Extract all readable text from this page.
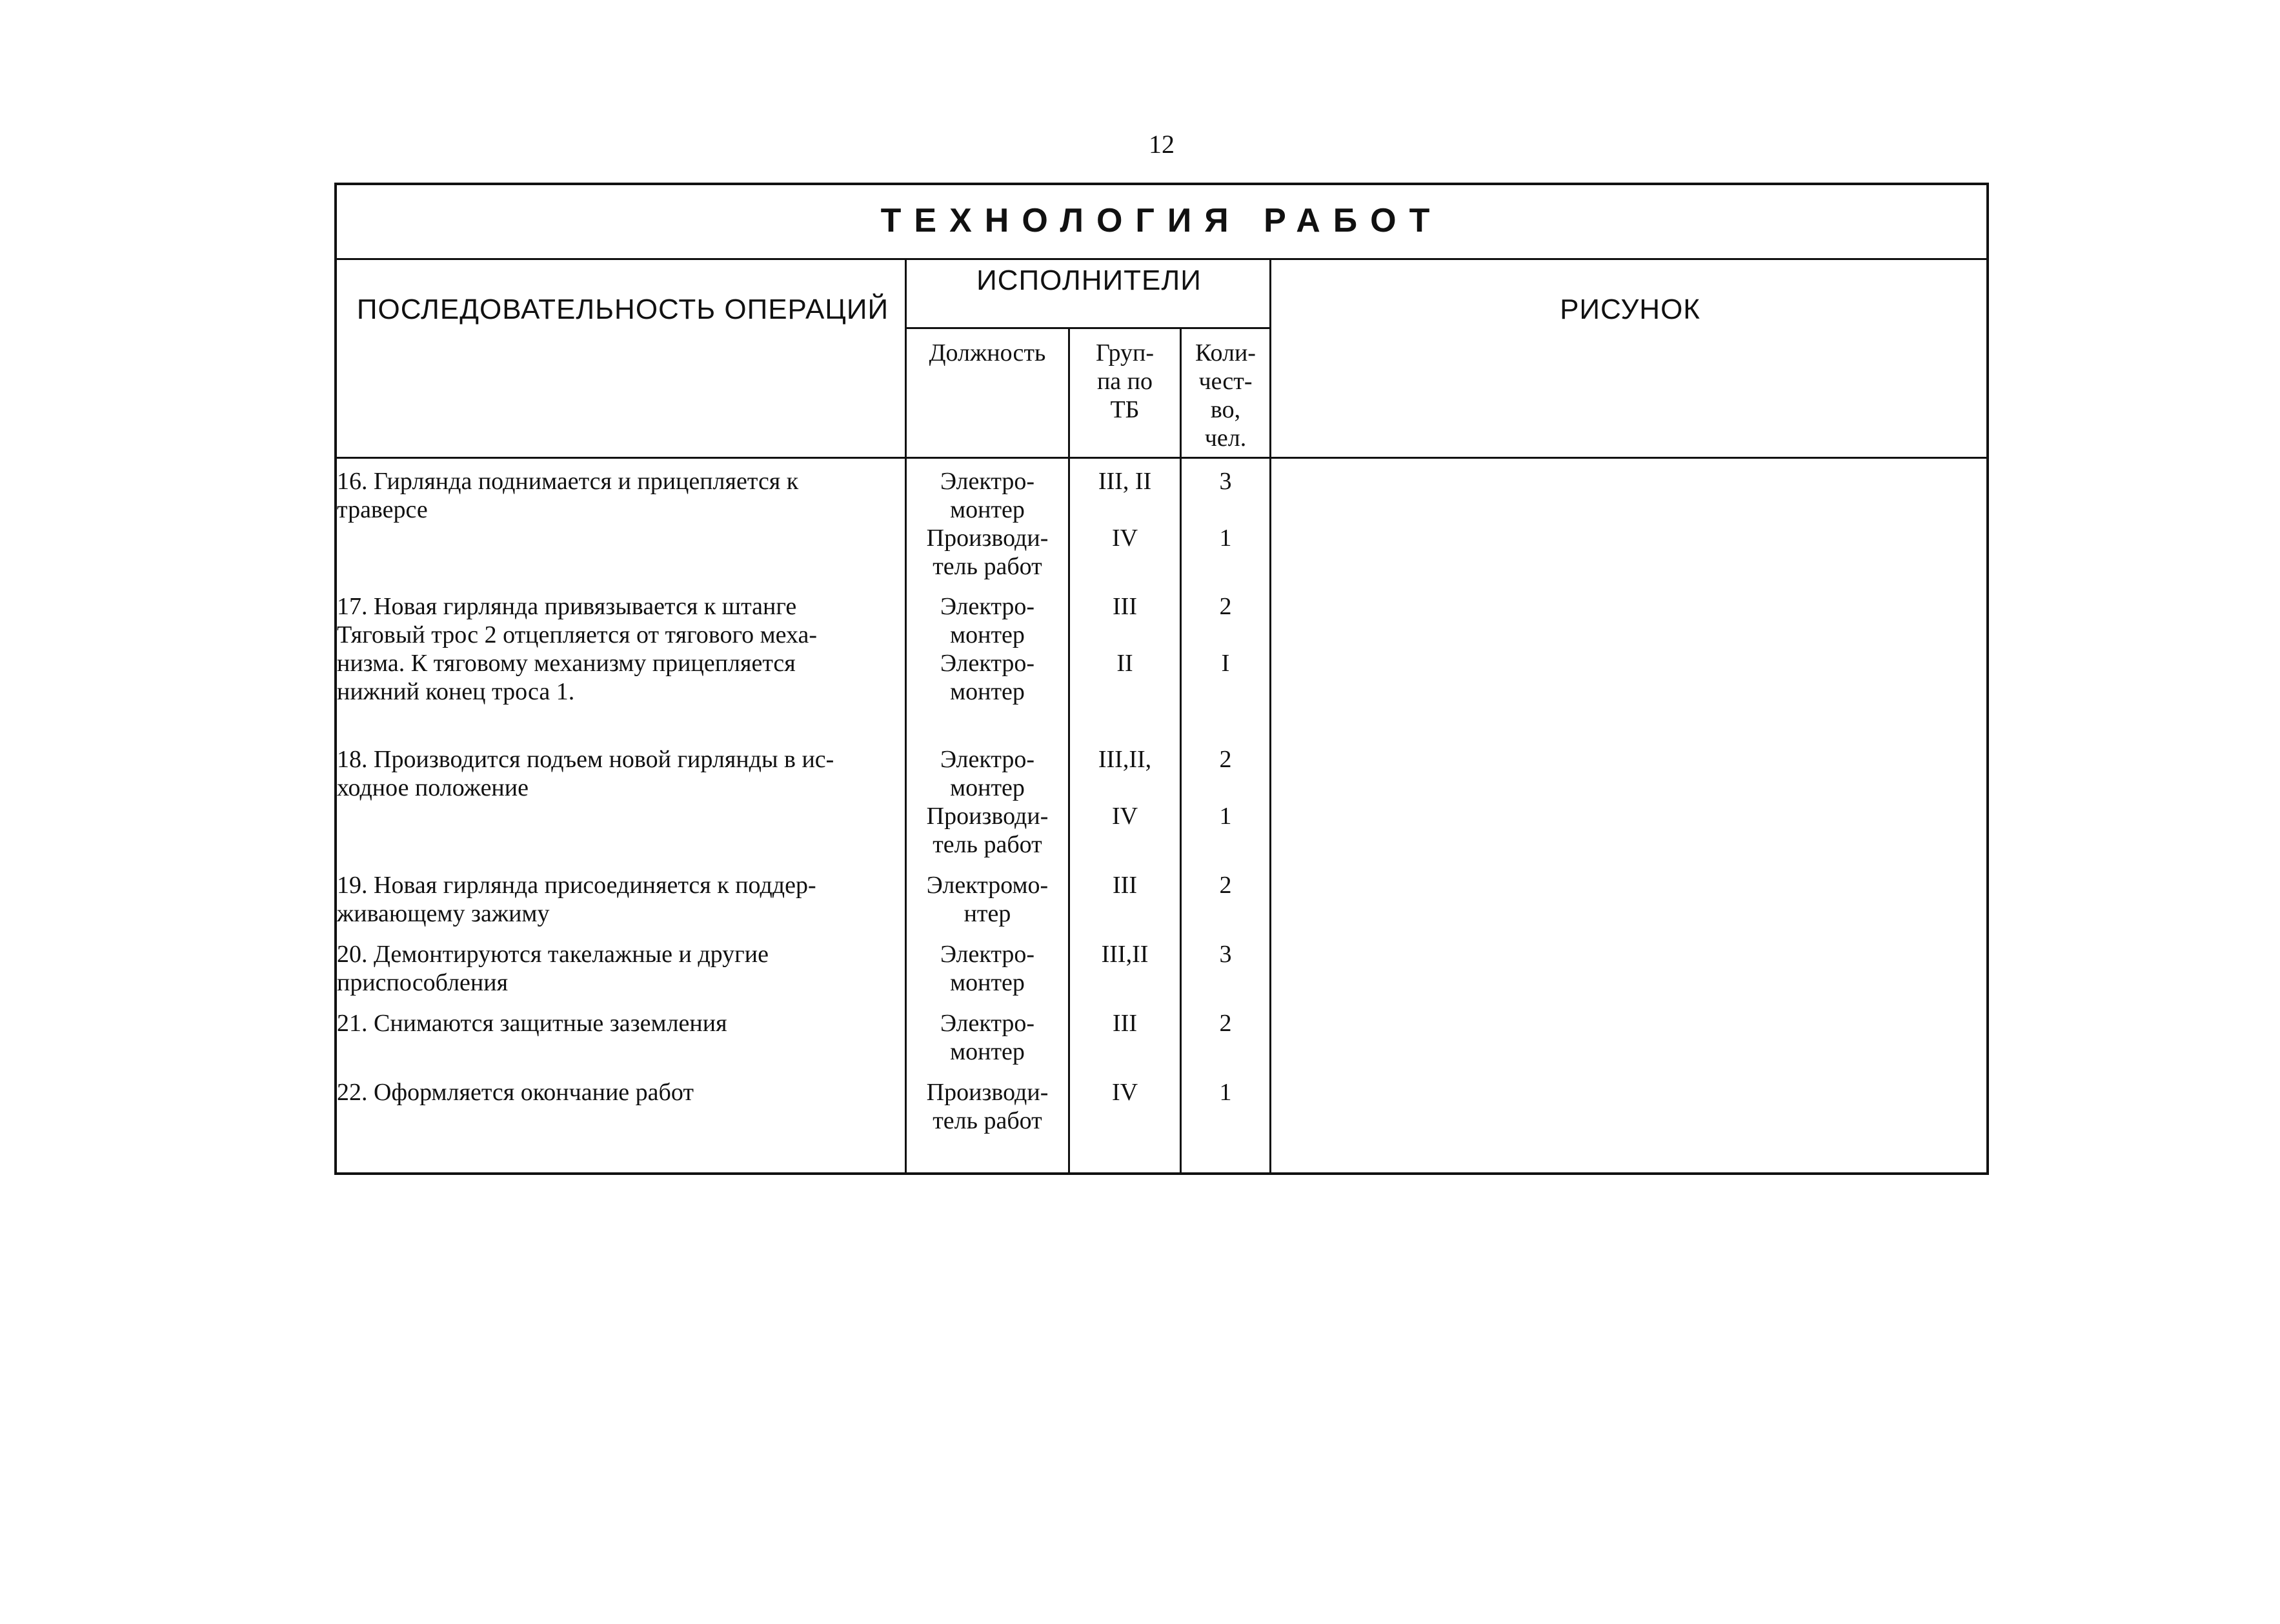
12
ТЕХНОЛОГИЯ РАБОТ
ПОСЛЕДОВАТЕЛЬНОСТЬ ОПЕРАЦИЙ
ИСПОЛНИТЕЛИ
РИСУНОК
Должность	Груп-
па по
ТБ
Коли-
чест-
во,
чел.
16. Гирлянда поднимается и прицепляется к
траверсе
17. Новая гирлянда привязывается к штанге
Тяговый трос 2 отцепляется от тягового меха-
низма. К тяговому механизму прицепляется
нижний конец троса 1.
18. Производится подъем новой гирлянды в ис-
ходное положение
19. Новая гирлянда присоединяется к поддер-
живающему зажиму
20. Демонтируются такелажные и другие
приспособления
21. Снимаются защитные заземления
22. Оформляется окончание работ
Электро-
монтер
Производи-
тель работ
Электро-
монтер
Электро-
монтер
Электро-
монтер
Производи-
тель работ
Электромо-
нтер
Электро-
монтер
Электро-
монтер
Производи-
тель работ
III, II
IV
III
II
III,II,
IV
III
III,II
III
IV
3
1
2
I
2
1
2
3
2
1
